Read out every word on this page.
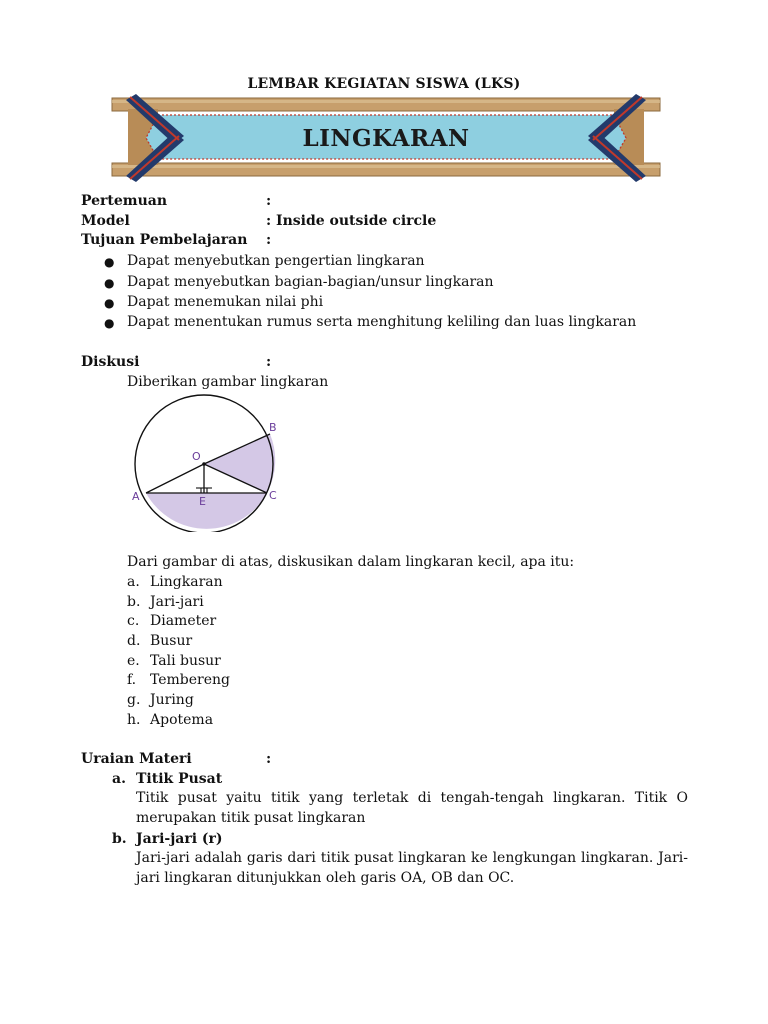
LEMBAR KEGIATAN SISWA (LKS)
LINGKARAN
Pertemuan	:
Model	: Inside outside circle
Tujuan Pembelajaran :
● Dapat menyebutkan pengertian lingkaran
● Dapat menyebutkan bagian-bagian/unsur lingkaran
● Dapat menemukan nilai phi
● Dapat menentukan rumus serta menghitung keliling dan luas lingkaran
Diskusi	:
Diberikan gambar lingkaran
O
B
A	E	C
Dari gambar di atas, diskusikan dalam lingkaran kecil, apa itu:
a. Lingkaran
b. Jari-jari
c. Diameter
d. Busur
e. Tali busur
f. Tembereng
g. Juring
h. Apotema
Uraian Materi	:
a. Titik Pusat
Titik pusat yaitu titik yang terletak di tengah-tengah lingkaran. Titik O merupakan titik pusat lingkaran
b. Jari-jari (r)
Jari-jari adalah garis dari titik pusat lingkaran ke lengkungan lingkaran. Jari-jari lingkaran ditunjukkan oleh garis OA, OB dan OC.
